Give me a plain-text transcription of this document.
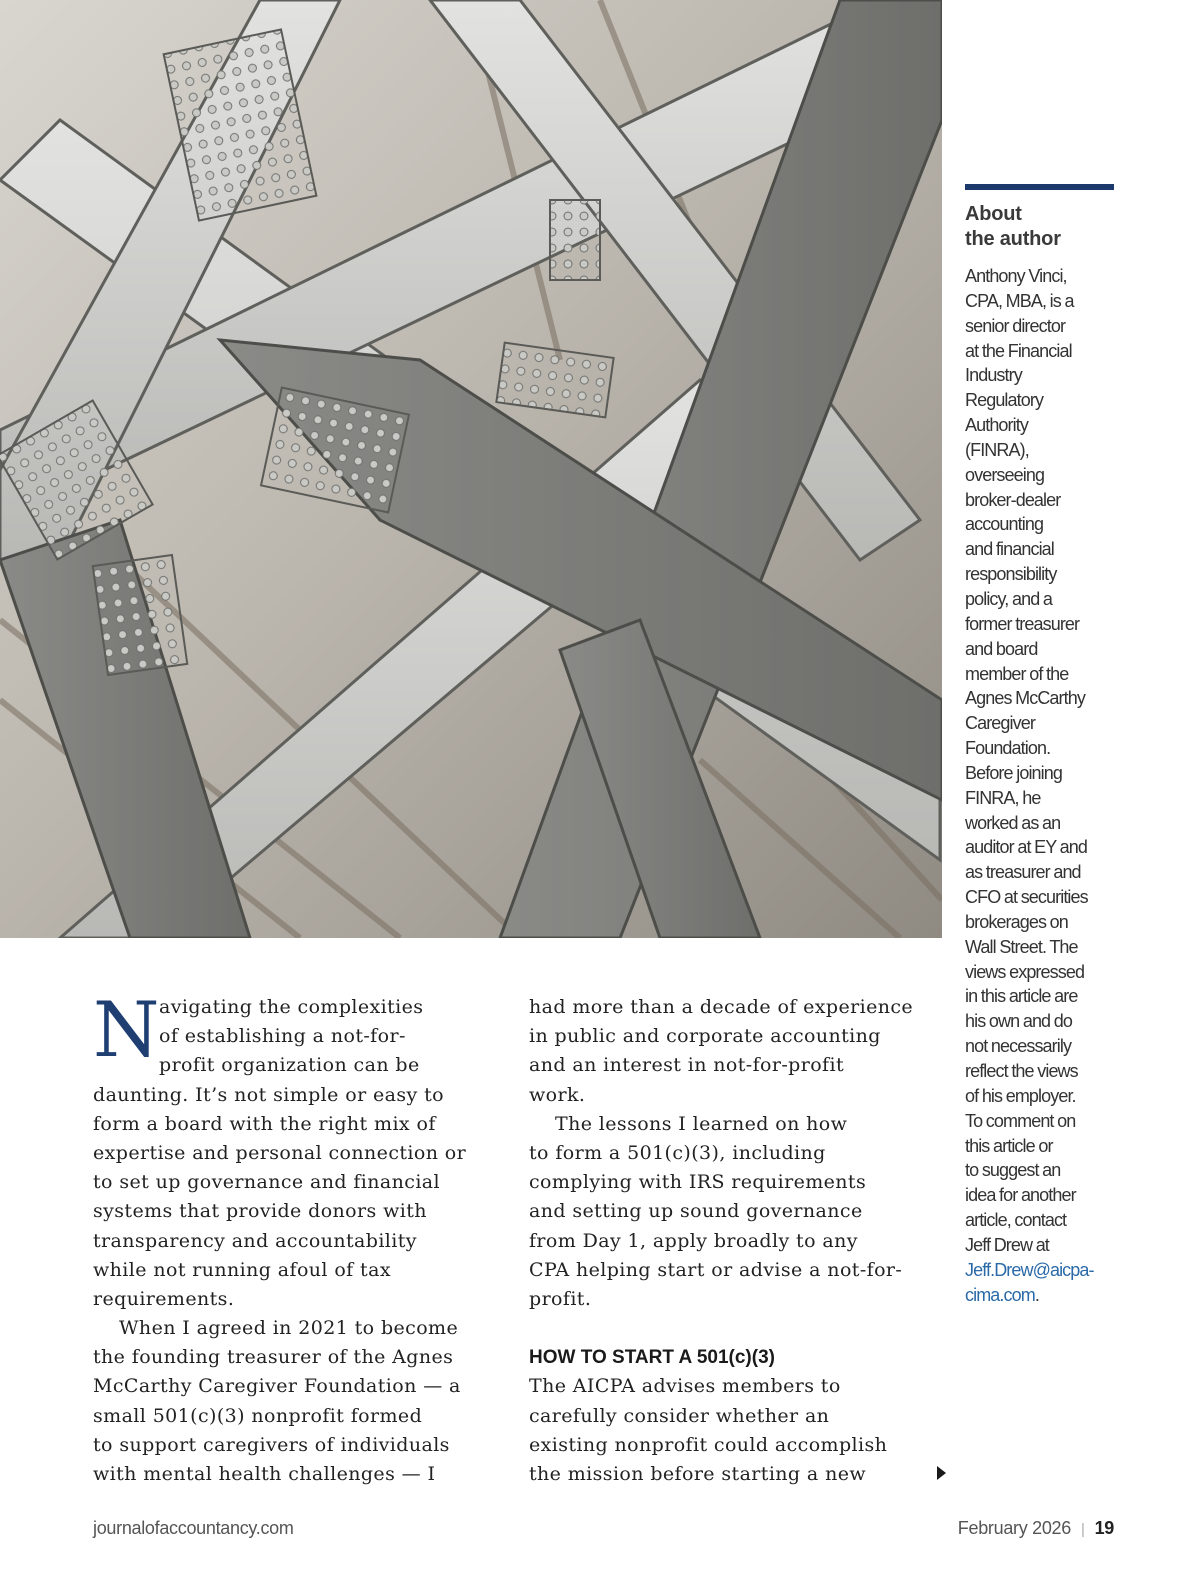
About
the author
Anthony Vinci,
CPA, MBA, is a
senior director
at the Financial
Industry
Regulatory
Authority
(FINRA),
overseeing
broker-dealer
accounting
and financial
responsibility
policy, and a
former treasurer
and board
member of the
Agnes McCarthy
Caregiver
Foundation.
Before joining
FINRA, he
worked as an
auditor at EY and
as treasurer and
CFO at securities
brokerages on
Wall Street. The
views expressed
in this article are
his own and do
not necessarily
reflect the views
of his employer.
To comment on
this article or
to suggest an
idea for another
article, contact
Jeff Drew at
Jeff.Drew@aicpa-
cima.com.
N avigating the complexities
of establishing a not-for-
profit organization can be
daunting. It’s not simple or easy to
form a board with the right mix of
expertise and personal connection or
to set up governance and financial
systems that provide donors with
transparency and accountability
while not running afoul of tax
requirements.
When I agreed in 2021 to become
the founding treasurer of the Agnes
McCarthy Caregiver Foundation — a
small 501(c)(3) nonprofit formed
to support caregivers of individuals
with mental health challenges — I
had more than a decade of experience
in public and corporate accounting
and an interest in not-for-profit
work.
The lessons I learned on how
to form a 501(c)(3), including
complying with IRS requirements
and setting up sound governance
from Day 1, apply broadly to any
CPA helping start or advise a not-for-
profit.
HOW TO START A 501(c)(3)
The AICPA advises members to
carefully consider whether an
existing nonprofit could accomplish
the mission before starting a new
journalofaccountancy.com	February 2026 | 19
